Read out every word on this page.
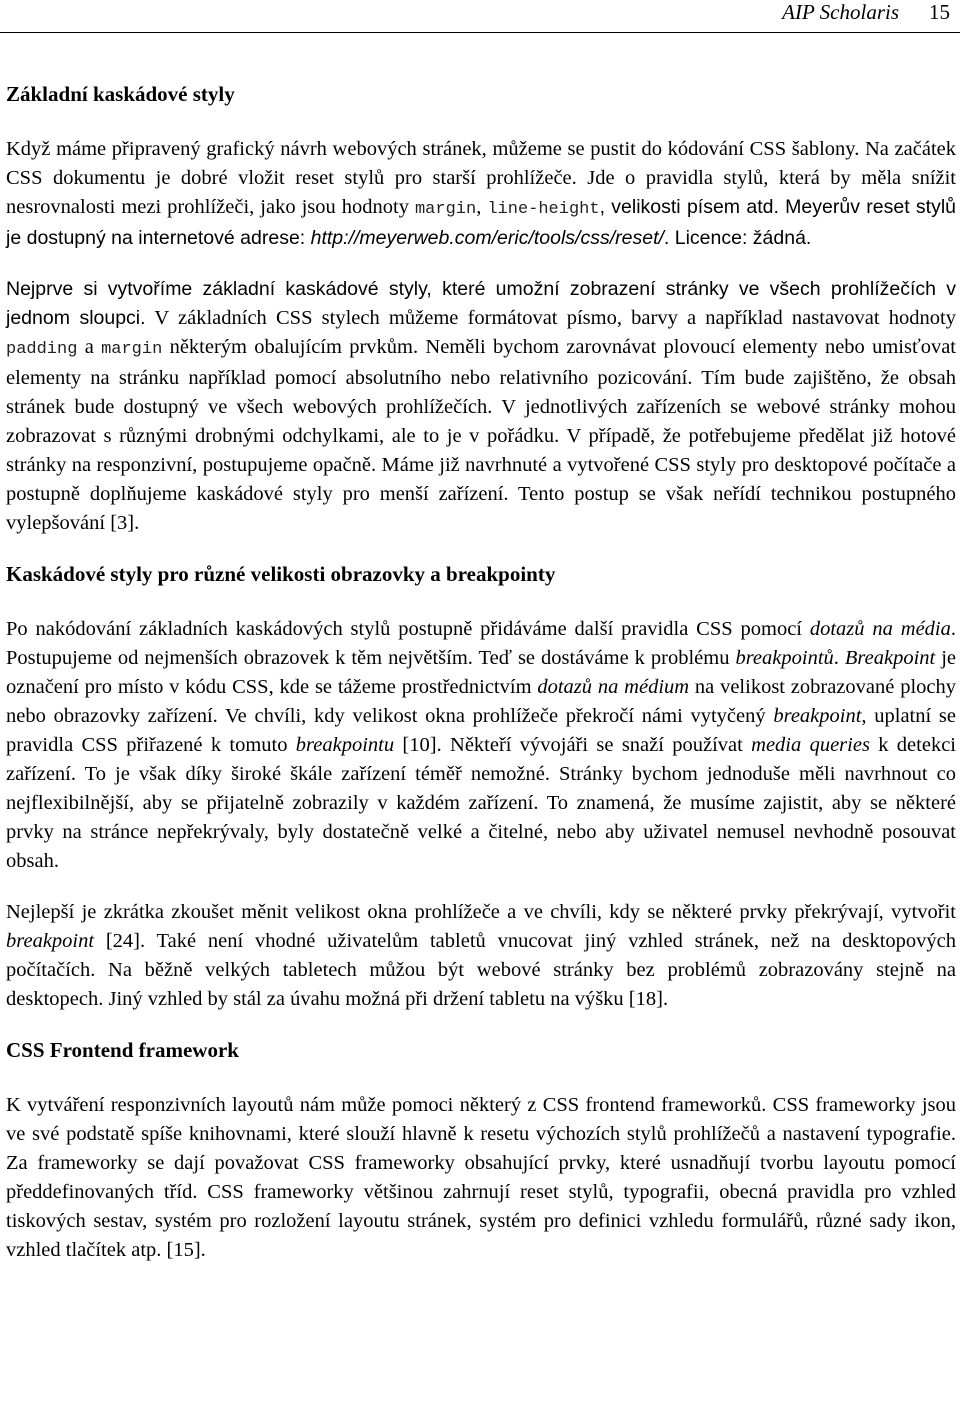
AIP Scholaris 15
Základní kaskádové styly

Když máme připravený grafický návrh webových stránek, můžeme se pustit do kódování CSS šablony. Na začátek CSS dokumentu je dobré vložit reset stylů pro starší prohlížeče. Jde o pravidla stylů, která by měla snížit nesrovnalosti mezi prohlížeči, jako jsou hodnoty margin, line-height, velikosti písem atd. Meyerův reset stylů je dostupný na internetové adrese: http://meyerweb.com/eric/tools/css/reset/. Licence: žádná.

Nejprve si vytvoříme základní kaskádové styly, které umožní zobrazení stránky ve všech prohlížečích v jednom sloupci. V základních CSS stylech můžeme formátovat písmo, barvy a například nastavovat hodnoty padding a margin některým obalujícím prvkům. Neměli bychom zarovnávat plovoucí elementy nebo umisťovat elementy na stránku například pomocí absolutního nebo relativního pozicování. Tím bude zajištěno, že obsah stránek bude dostupný ve všech webových prohlížečích. V jednotlivých zařízeních se webové stránky mohou zobrazovat s různými drobnými odchylkami, ale to je v pořádku. V případě, že potřebujeme předělat již hotové stránky na responzivní, postupujeme opačně. Máme již navrhnuté a vytvořené CSS styly pro desktopové počítače a postupně doplňujeme kaskádové styly pro menší zařízení. Tento postup se však neřídí technikou postupného vylepšování [3].

Kaskádové styly pro různé velikosti obrazovky a breakpointy

Po nakódování základních kaskádových stylů postupně přidáváme další pravidla CSS pomocí dotazů na média. Postupujeme od nejmenších obrazovek k těm největším. Teď se dostáváme k problému breakpointů. Breakpoint je označení pro místo v kódu CSS, kde se tážeme prostřednictvím dotazů na médium na velikost zobrazované plochy nebo obrazovky zařízení. Ve chvíli, kdy velikost okna prohlížeče překročí námi vytyčený breakpoint, uplatní se pravidla CSS přiřazené k tomuto breakpointu [10]. Někteří vývojáři se snaží používat media queries k detekci zařízení. To je však díky široké škále zařízení téměř nemožné. Stránky bychom jednoduše měli navrhnout co nejflexibilnější, aby se přijatelně zobrazily v každém zařízení. To znamená, že musíme zajistit, aby se některé prvky na stránce nepřekrývaly, byly dostatečně velké a čitelné, nebo aby uživatel nemusel nevhodně posouvat obsah.

Nejlepší je zkrátka zkoušet měnit velikost okna prohlížeče a ve chvíli, kdy se některé prvky překrývají, vytvořit breakpoint [24]. Také není vhodné uživatelům tabletů vnucovat jiný vzhled stránek, než na desktopových počítačích. Na běžně velkých tabletech můžou být webové stránky bez problémů zobrazovány stejně na desktopech. Jiný vzhled by stál za úvahu možná při držení tabletu na výšku [18].

CSS Frontend framework

K vytváření responzivních layoutů nám může pomoci některý z CSS frontend frameworků. CSS frameworky jsou ve své podstatě spíše knihovnami, které slouží hlavně k resetu výchozích stylů prohlížečů a nastavení typografie. Za frameworky se dají považovat CSS frameworky obsahující prvky, které usnadňují tvorbu layoutu pomocí předdefinovaných tříd. CSS frameworky většinou zahrnují reset stylů, typografii, obecná pravidla pro vzhled tiskových sestav, systém pro rozložení layoutu stránek, systém pro definici vzhledu formulářů, různé sady ikon, vzhled tlačítek atp. [15].
